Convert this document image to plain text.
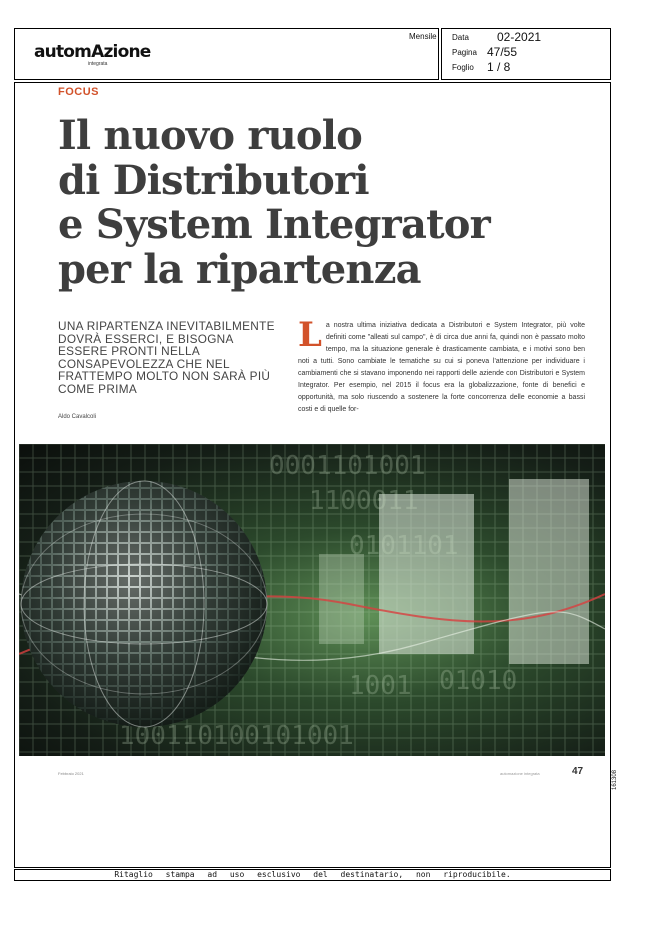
automAzione
integrata
Mensile Data 02-2021
Pagina 47/55
Foglio 1 / 8
FOCUS
Il nuovo ruolo
di Distributori
e System Integrator
per la ripartenza
UNA RIPARTENZA INEVITABILMENTE DOVRÀ ESSERCI, E BISOGNA ESSERE PRONTI NELLA CONSAPEVOLEZZA CHE NEL FRATTEMPO MOLTO NON SARÀ PIÙ COME PRIMA
Aldo Cavalcoli
L a nostra ultima iniziativa dedicata a Distributori e System Integrator, più volte definiti come "alleati sul campo", è di circa due anni fa, quindi non è passato molto tempo, ma la situazione generale è drasticamente cambiata, e i motivi sono ben noti a tutti. Sono cambiate le tematiche su cui si poneva l'attenzione per individuare i cambiamenti che si stavano imponendo nei rapporti delle aziende con Distributori e System Integrator. Per esempio, nel 2015 il focus era la globalizzazione, fonte di benefici e opportunità, ma solo riuscendo a sostenere la forte concorrenza delle economie a bassi costi e di quelle for-
0001101001
1100011
0101101
1001 01010
100110100101001
Febbraio 2021	automazione integrata	47	161308
Ritaglio stampa ad uso esclusivo del destinatario, non riproducibile.
